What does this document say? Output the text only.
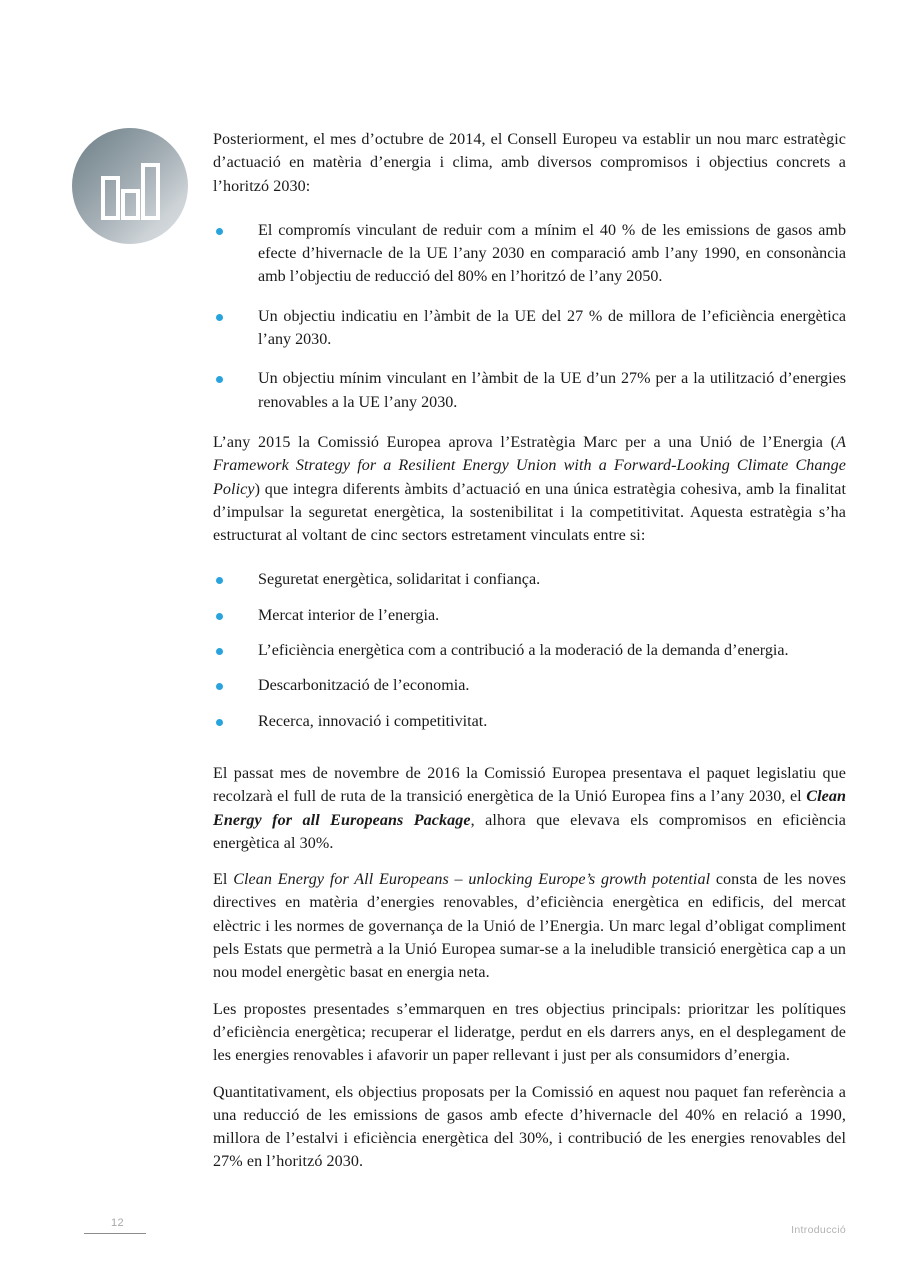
Posteriorment, el mes d’octubre de 2014, el Consell Europeu va establir un nou marc estratègic d’actuació en matèria d’energia i clima, amb diversos compromisos i objectius concrets a l’horitzó 2030:

El compromís vinculant de reduir com a mínim el 40 % de les emissions de gasos amb efecte d’hivernacle de la UE l’any 2030 en comparació amb l’any 1990, en consonància amb l’objectiu de reducció del 80% en l’horitzó de l’any 2050.
Un objectiu indicatiu en l’àmbit de la UE del 27 % de millora de l’eficiència energètica l’any 2030.
Un objectiu mínim vinculant en l’àmbit de la UE d’un 27% per a la utilització d’energies renovables a la UE l’any 2030.

L’any 2015 la Comissió Europea aprova l’Estratègia Marc per a una Unió de l’Energia (A Framework Strategy for a Resilient Energy Union with a Forward-Looking Climate Change Policy) que integra diferents àmbits d’actuació en una única estratègia cohesiva, amb la finalitat d’impulsar la seguretat energètica, la sostenibilitat i la competitivitat. Aquesta estratègia s’ha estructurat al voltant de cinc sectors estretament vinculats entre si:

Seguretat energètica, solidaritat i confiança.
Mercat interior de l’energia.
L’eficiència energètica com a contribució a la moderació de la demanda d’energia.
Descarbonització de l’economia.
Recerca, innovació i competitivitat.

El passat mes de novembre de 2016 la Comissió Europea presentava el paquet legislatiu que recolzarà el full de ruta de la transició energètica de la Unió Europea fins a l’any 2030, el Clean Energy for all Europeans Package, alhora que elevava els compromisos en eficiència energètica al 30%.

El Clean Energy for All Europeans – unlocking Europe’s growth potential consta de les noves directives en matèria d’energies renovables, d’eficiència energètica en edificis, del mercat elèctric i les normes de governança de la Unió de l’Energia. Un marc legal d’obligat compliment pels Estats que permetrà a la Unió Europea sumar-se a la ineludible transició energètica cap a un nou model energètic basat en energia neta.

Les propostes presentades s’emmarquen en tres objectius principals: prioritzar les polítiques d’eficiència energètica; recuperar el lideratge, perdut en els darrers anys, en el desplegament de les energies renovables i afavorir un paper rellevant i just per als consumidors d’energia.

Quantitativament, els objectius proposats per la Comissió en aquest nou paquet fan referència a una reducció de les emissions de gasos amb efecte d’hivernacle del 40% en relació a 1990, millora de l’estalvi i eficiència energètica del 30%, i contribució de les energies renovables del 27% en l’horitzó 2030.

12
Introducció
